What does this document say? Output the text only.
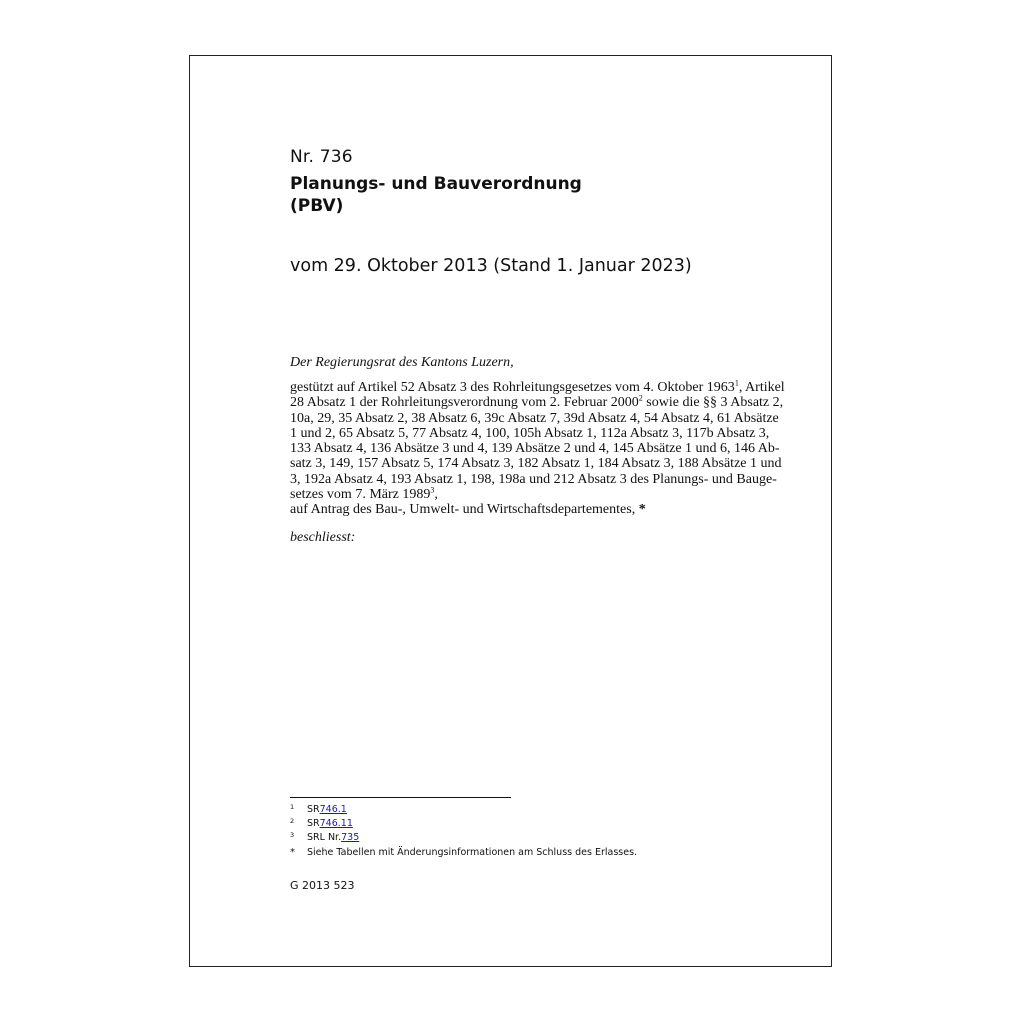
Nr. 736
Planungs- und Bauverordnung
(PBV)
vom 29. Oktober 2013 (Stand 1. Januar 2023)
Der Regierungsrat des Kantons Luzern,
gestützt auf Artikel 52 Absatz 3 des Rohrleitungsgesetzes vom 4. Oktober 1963$^1$, Artikel
28 Absatz 1 der Rohrleitungsverordnung vom 2. Februar 2000$^2$ sowie die §§ 3 Absatz 2,
10a, 29, 35 Absatz 2, 38 Absatz 6, 39c Absatz 7, 39d Absatz 4, 54 Absatz 4, 61 Absätze
1 und 2, 65 Absatz 5, 77 Absatz 4, 100, 105h Absatz 1, 112a Absatz 3, 117b Absatz 3,
133 Absatz 4, 136 Absätze 3 und 4, 139 Absätze 2 und 4, 145 Absätze 1 und 6, 146 Ab-
satz 3, 149, 157 Absatz 5, 174 Absatz 3, 182 Absatz 1, 184 Absatz 3, 188 Absätze 1 und
3, 192a Absatz 4, 193 Absatz 1, 198, 198a und 212 Absatz 3 des Planungs- und Bauge-
setzes vom 7. März 1989$^3$,
auf Antrag des Bau-, Umwelt- und Wirtschaftsdepartementes, *
beschliesst:
1	SR 746.1
2	SR 746.11
3	SRL Nr. 735
*	Siehe Tabellen mit Änderungsinformationen am Schluss des Erlasses.
G 2013 523
